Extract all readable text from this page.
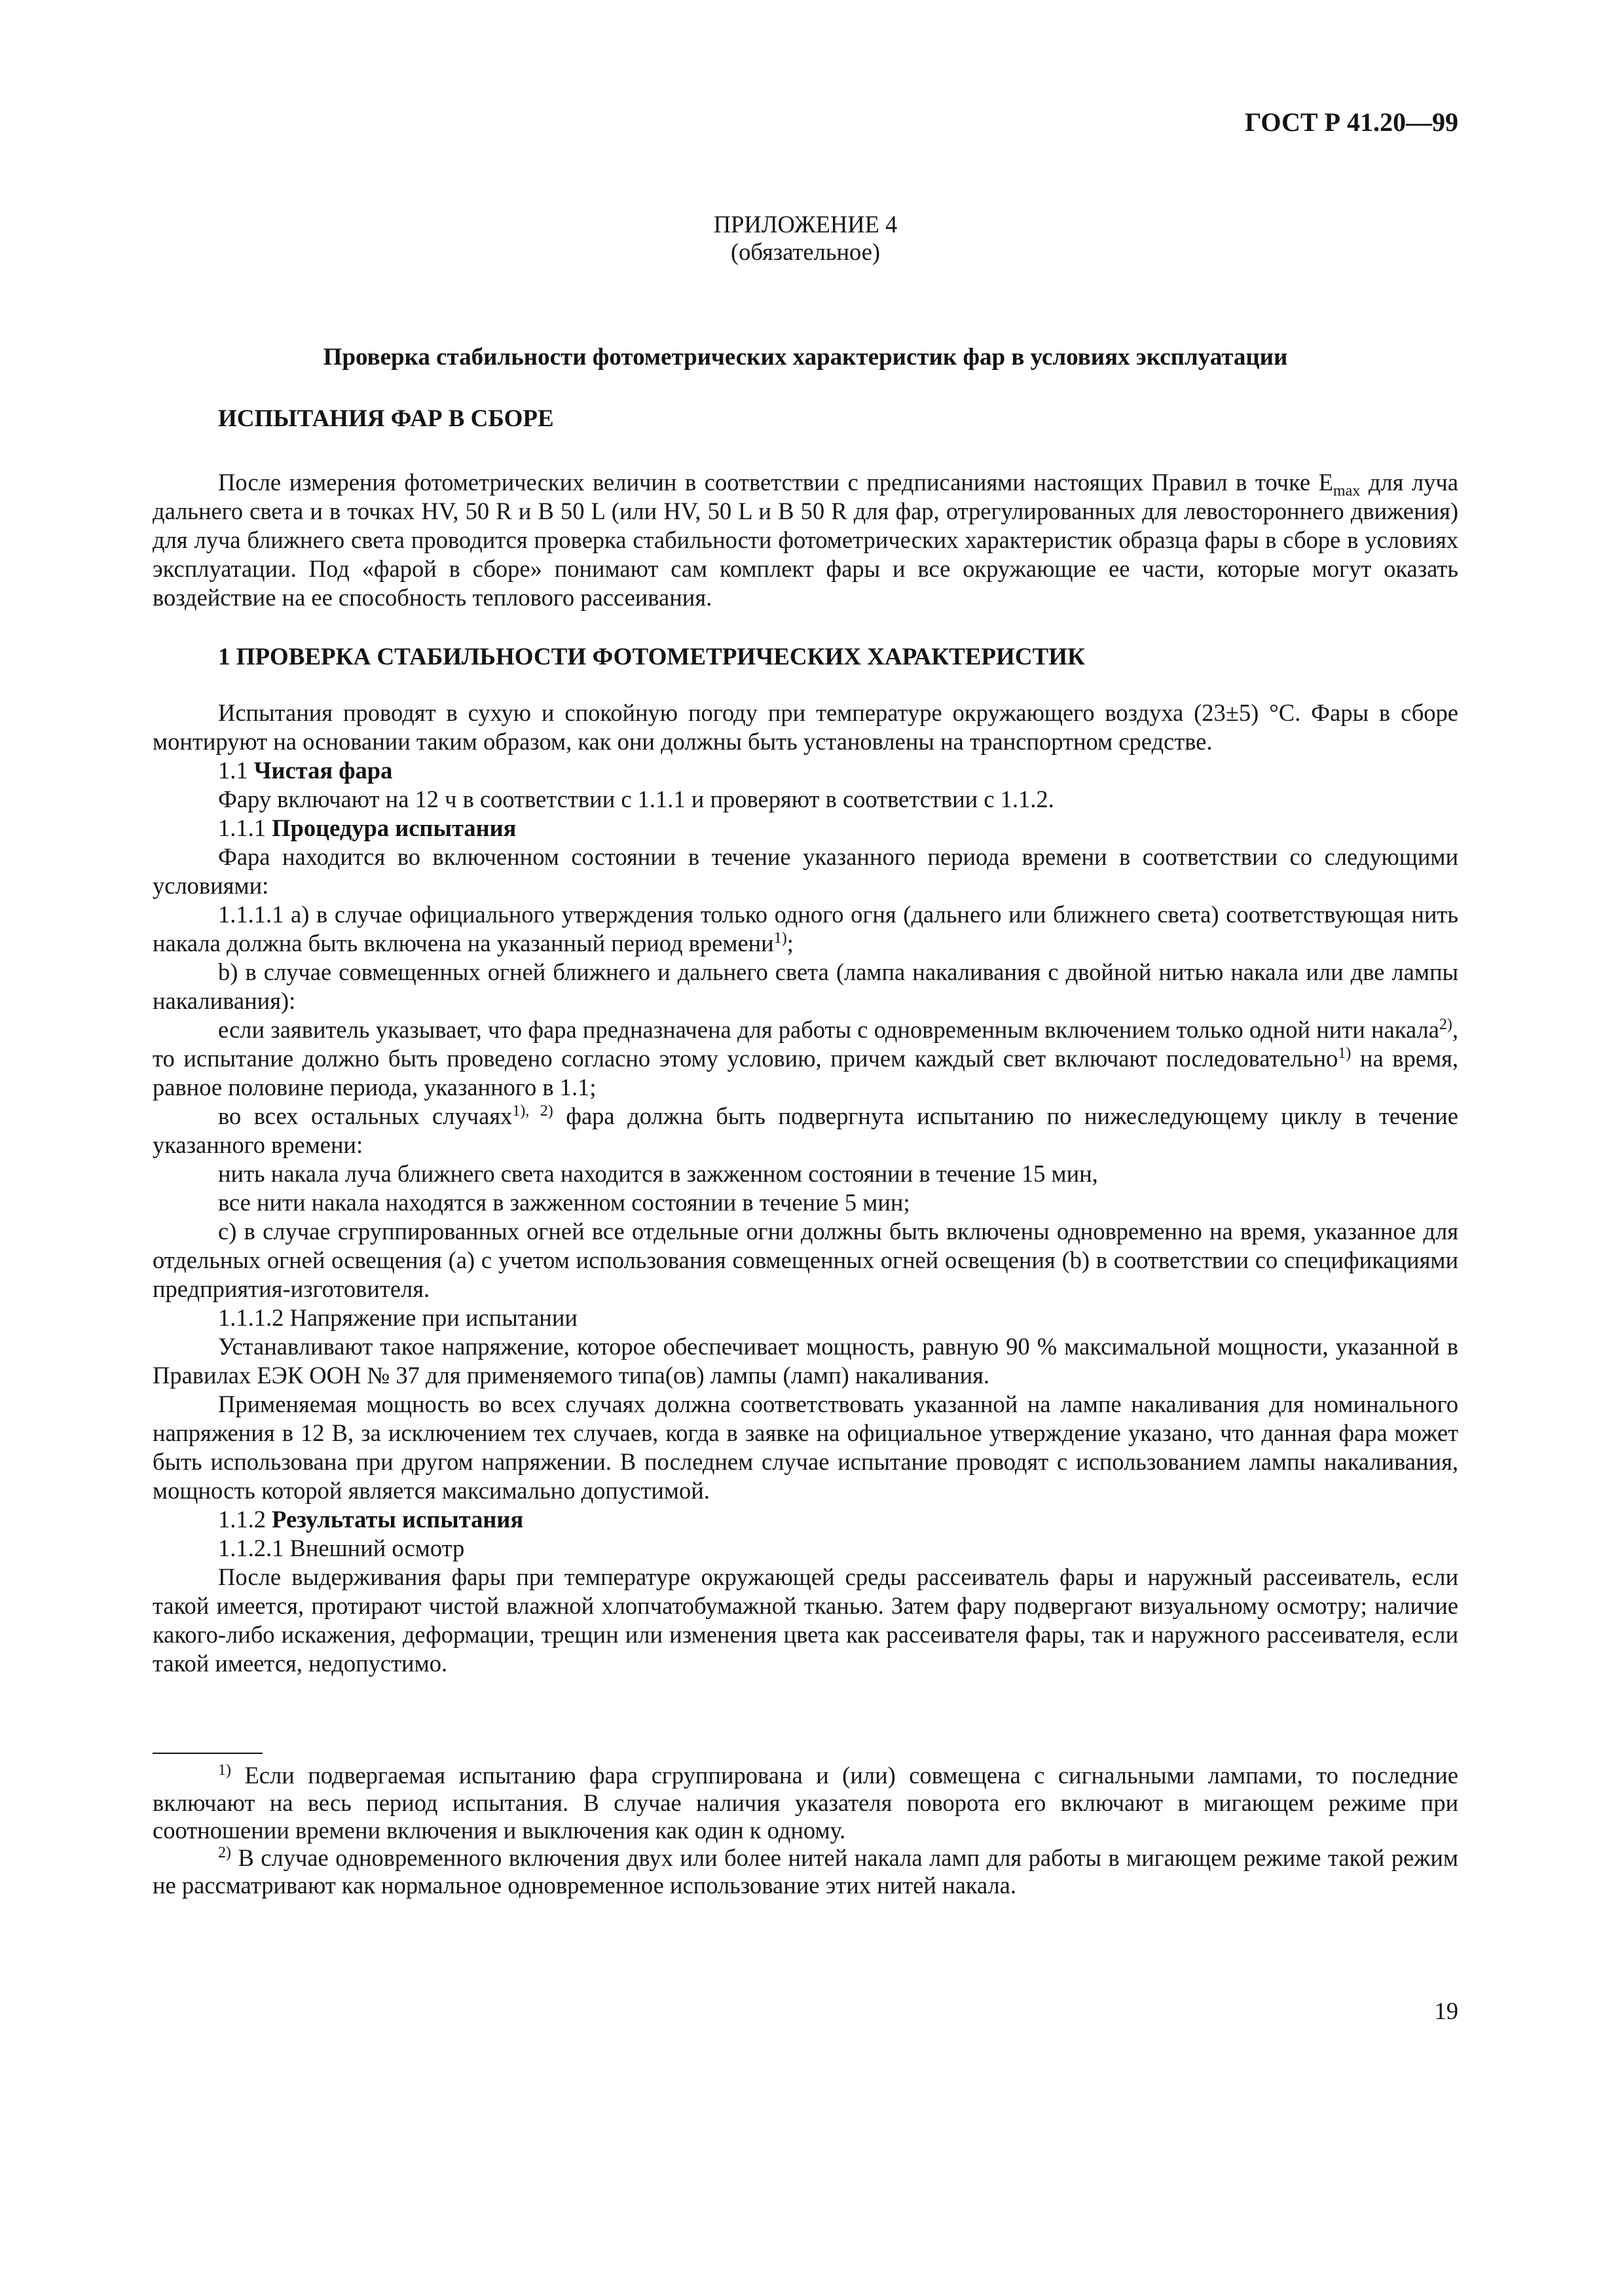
ГОСТ Р 41.20—99
ПРИЛОЖЕНИЕ 4
(обязательное)
Проверка стабильности фотометрических характеристик фар в условиях эксплуатации
ИСПЫТАНИЯ ФАР В СБОРЕ

После измерения фотометрических величин в соответствии с предписаниями настоящих Правил в точке $E_{max}$ для луча дальнего света и в точках HV, 50 R и B 50 L (или HV, 50 L и B 50 R для фар, отрегулированных для левостороннего движения) для луча ближнего света проводится проверка стабильности фотометрических характеристик образца фары в сборе в условиях эксплуатации. Под «фарой в сборе» понимают сам комплект фары и все окружающие ее части, которые могут оказать воздействие на ее способность теплового рассеивания.

1 ПРОВЕРКА СТАБИЛЬНОСТИ ФОТОМЕТРИЧЕСКИХ ХАРАКТЕРИСТИК

Испытания проводят в сухую и спокойную погоду при температуре окружающего воздуха (23±5) °С. Фары в сборе монтируют на основании таким образом, как они должны быть установлены на транспортном средстве.

1.1 Чистая фара

Фару включают на 12 ч в соответствии с 1.1.1 и проверяют в соответствии с 1.1.2.

1.1.1 Процедура испытания

Фара находится во включенном состоянии в течение указанного периода времени в соответствии со следующими условиями:

1.1.1.1 a) в случае официального утверждения только одного огня (дальнего или ближнего света) соответствующая нить накала должна быть включена на указанный период времени$^{1)}$;

b) в случае совмещенных огней ближнего и дальнего света (лампа накаливания с двойной нитью накала или две лампы накаливания):

если заявитель указывает, что фара предназначена для работы с одновременным включением только одной нити накала$^{2)}$, то испытание должно быть проведено согласно этому условию, причем каждый свет включают последовательно$^{1)}$ на время, равное половине периода, указанного в 1.1;

во всех остальных случаях$^{1), 2)}$ фара должна быть подвергнута испытанию по нижеследующему циклу в течение указанного времени:

нить накала луча ближнего света находится в зажженном состоянии в течение 15 мин,

все нити накала находятся в зажженном состоянии в течение 5 мин;

c) в случае сгруппированных огней все отдельные огни должны быть включены одновременно на время, указанное для отдельных огней освещения (а) с учетом использования совмещенных огней освещения (b) в соответствии со спецификациями предприятия-изготовителя.

1.1.1.2 Напряжение при испытании

Устанавливают такое напряжение, которое обеспечивает мощность, равную 90 % максимальной мощности, указанной в Правилах ЕЭК ООН № 37 для применяемого типа(ов) лампы (ламп) накаливания.

Применяемая мощность во всех случаях должна соответствовать указанной на лампе накаливания для номинального напряжения в 12 В, за исключением тех случаев, когда в заявке на официальное утверждение указано, что данная фара может быть использована при другом напряжении. В последнем случае испытание проводят с использованием лампы накаливания, мощность которой является максимально допустимой.

1.1.2 Результаты испытания

1.1.2.1 Внешний осмотр

После выдерживания фары при температуре окружающей среды рассеиватель фары и наружный рассеиватель, если такой имеется, протирают чистой влажной хлопчатобумажной тканью. Затем фару подвергают визуальному осмотру; наличие какого-либо искажения, деформации, трещин или изменения цвета как рассеивателя фары, так и наружного рассеивателя, если такой имеется, недопустимо.

$^{1)}$ Если подвергаемая испытанию фара сгруппирована и (или) совмещена с сигнальными лампами, то последние включают на весь период испытания. В случае наличия указателя поворота его включают в мигающем режиме при соотношении времени включения и выключения как один к одному.

$^{2)}$ В случае одновременного включения двух или более нитей накала ламп для работы в мигающем режиме такой режим не рассматривают как нормальное одновременное использование этих нитей накала.

19
